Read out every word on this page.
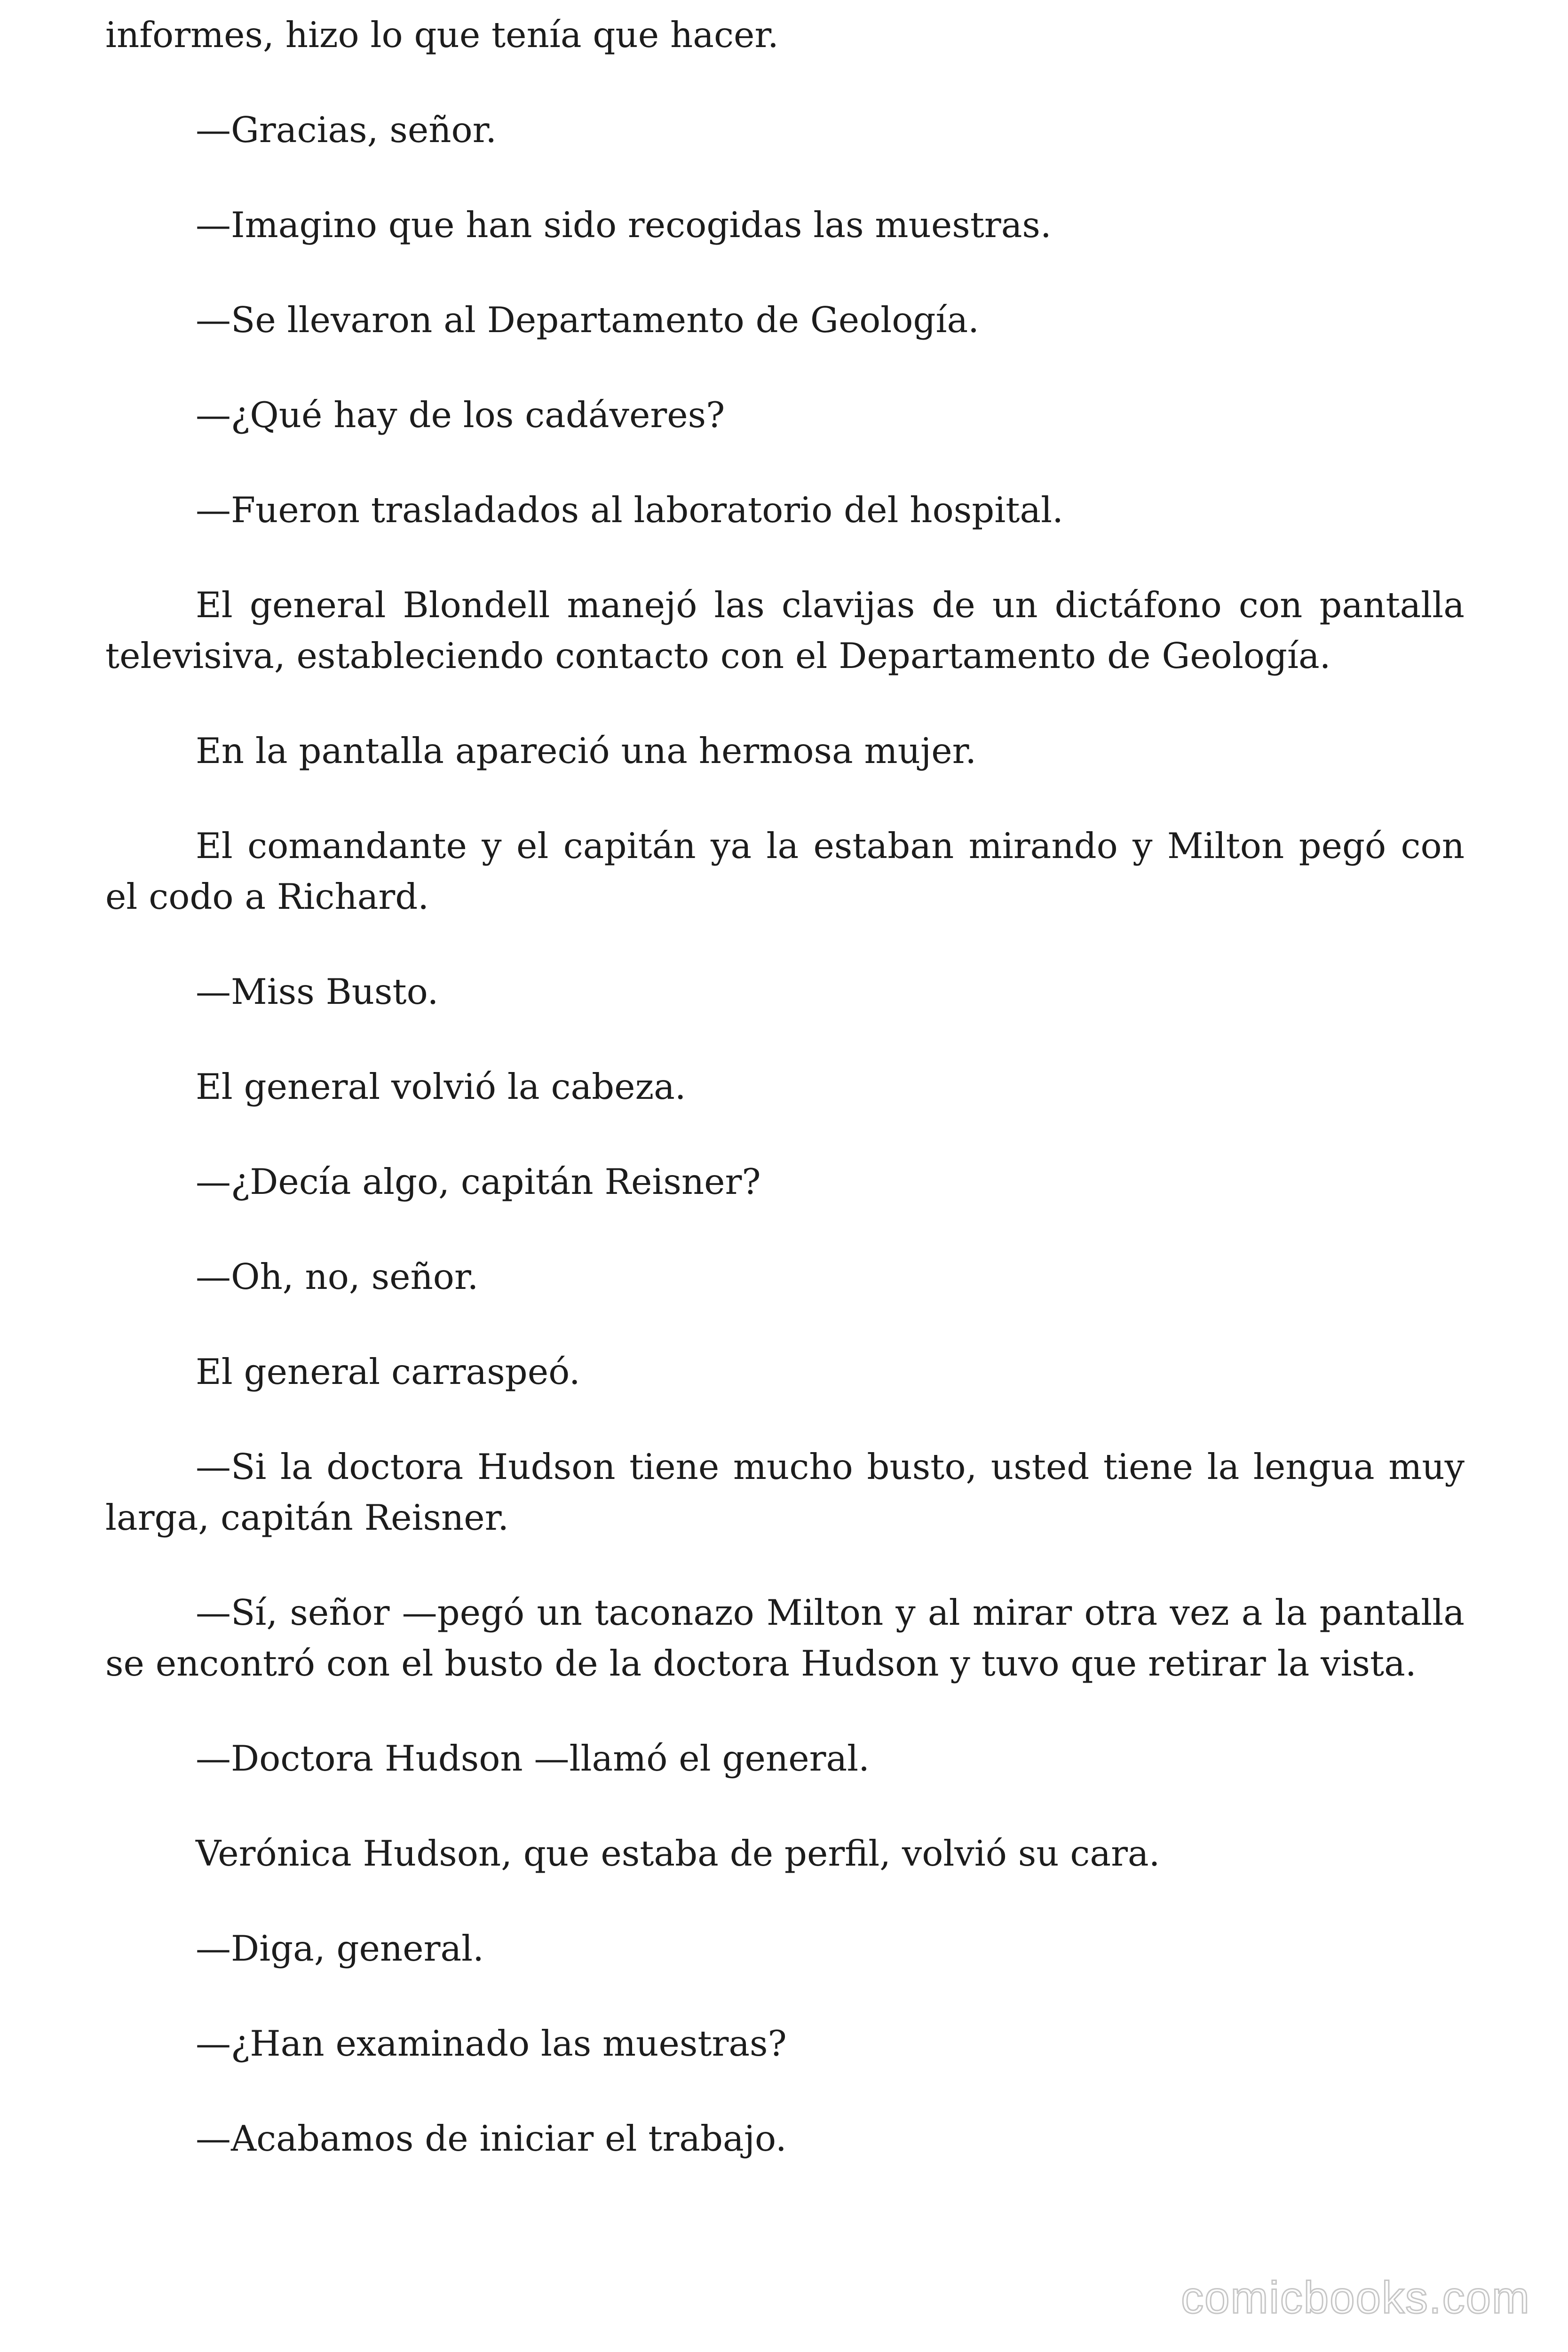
informes, hizo lo que tenía que hacer.

—Gracias, señor.

—Imagino que han sido recogidas las muestras.

—Se llevaron al Departamento de Geología.

—¿Qué hay de los cadáveres?

—Fueron trasladados al laboratorio del hospital.

El general Blondell manejó las clavijas de un dictáfono con pantalla televisiva, estableciendo contacto con el Departamento de Geología.

En la pantalla apareció una hermosa mujer.

El comandante y el capitán ya la estaban mirando y Milton pegó con el codo a Richard.

—Miss Busto.

El general volvió la cabeza.

—¿Decía algo, capitán Reisner?

—Oh, no, señor.

El general carraspeó.

—Si la doctora Hudson tiene mucho busto, usted tiene la lengua muy larga, capitán Reisner.

—Sí, señor —pegó un taconazo Milton y al mirar otra vez a la pantalla se encontró con el busto de la doctora Hudson y tuvo que retirar la vista.

—Doctora Hudson —llamó el general.

Verónica Hudson, que estaba de perfil, volvió su cara.

—Diga, general.

—¿Han examinado las muestras?

—Acabamos de iniciar el trabajo.

comicbooks.com
